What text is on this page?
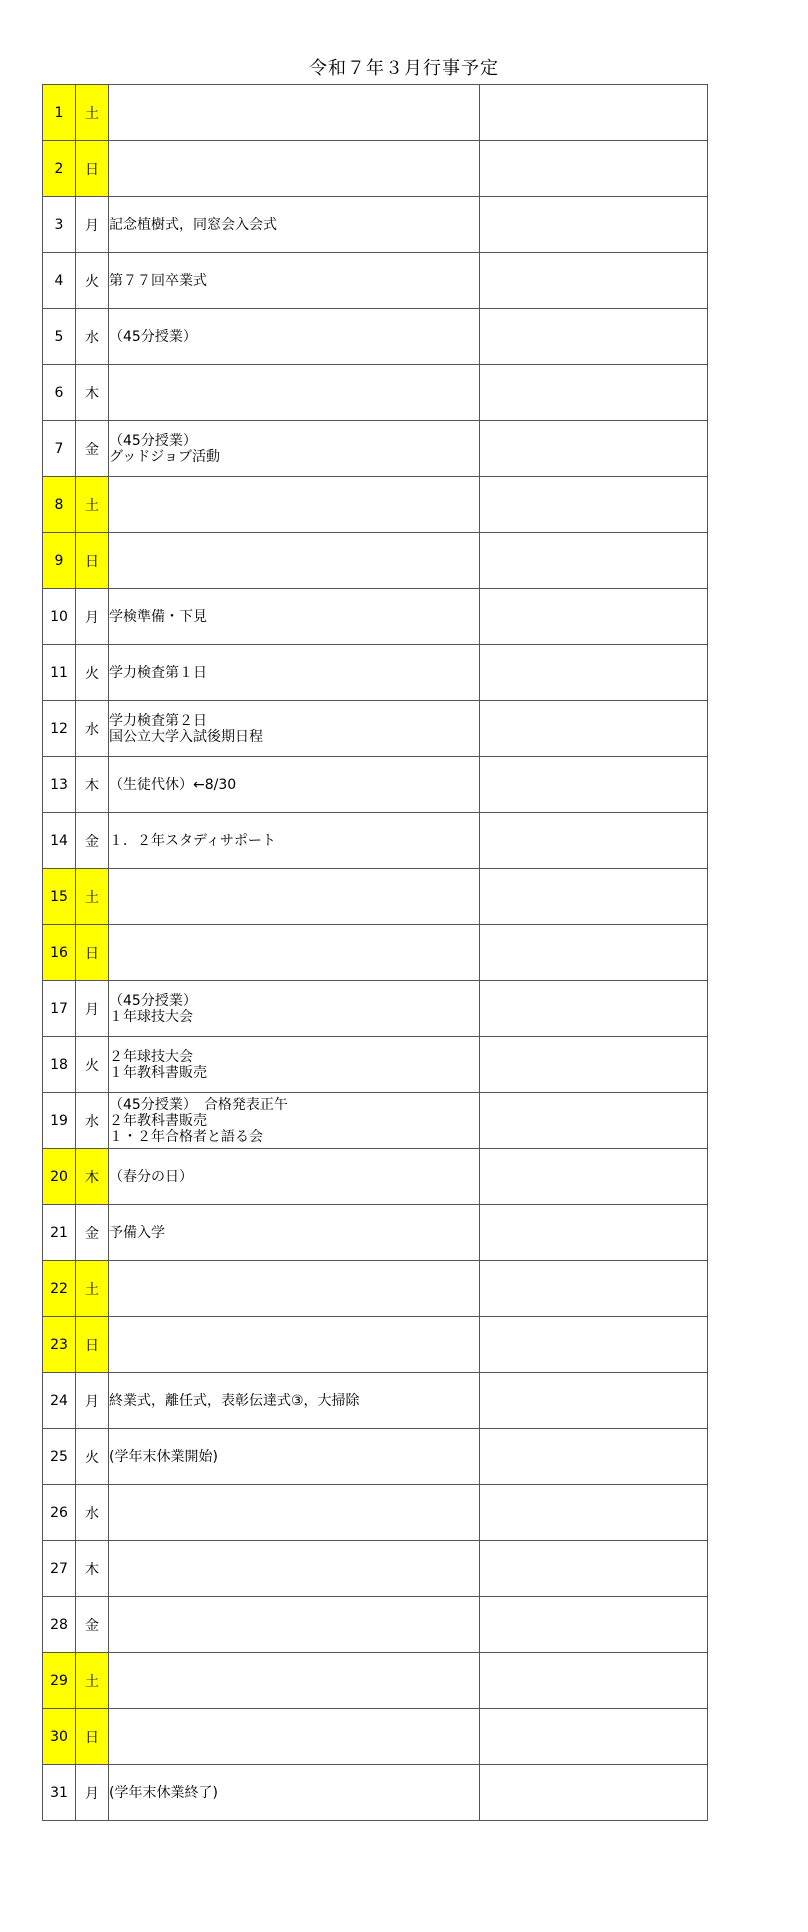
令和７年３月行事予定
1	土		
2	日		
3	月	記念植樹式，同窓会入会式	

4	火	第７７回卒業式	

5	水	（45分授業）	

6	木		
7	金	（45分授業）
グッドジョブ活動	

8	土		
9	日		
10	月	学検準備・下見	

11	火	学力検査第１日	

12	水	学力検査第２日
国公立大学入試後期日程	

13	木	（生徒代休）←8/30	

14	金	１．２年スタディサポート	

15	土		
16	日		
17	月	（45分授業）
１年球技大会	

18	火	２年球技大会
１年教科書販売	

19	水	（45分授業）　合格発表正午
２年教科書販売
１・２年合格者と語る会	

20	木	（春分の日）	

21	金	予備入学	

22	土		
23	日		
24	月	終業式，離任式，表彰伝達式③，大掃除	

25	火	(学年末休業開始)	

26	水		
27	木		
28	金		
29	土		
30	日		
31	月	(学年末休業終了)	
